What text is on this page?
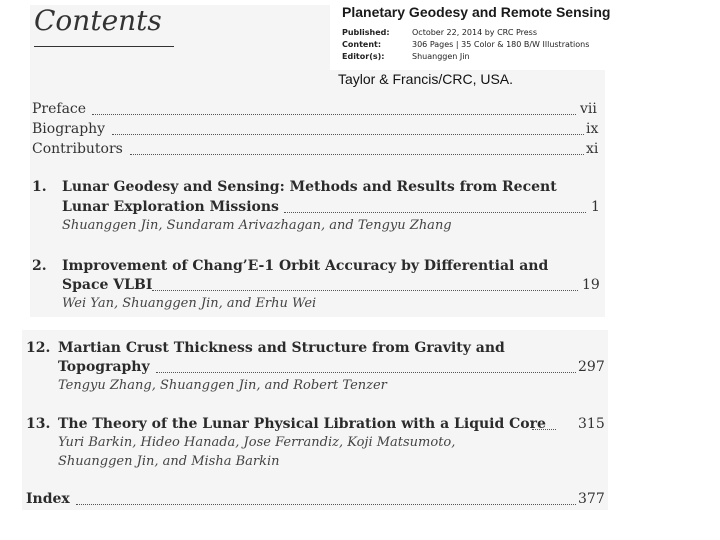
Contents	Planetary Geodesy and Remote Sensing
Published:	October 22, 2014 by CRC Press
Content:	306 Pages | 35 Color & 180 B/W Illustrations
Editor(s):	Shuanggen Jin
Taylor & Francis/CRC, USA.
Preface	vii
Biography	ix
Contributors	xi
1. Lunar Geodesy and Sensing: Methods and Results from Recent
Lunar Exploration Missions	1
Shuanggen Jin, Sundaram Arivazhagan, and Tengyu Zhang
2. Improvement of Chang’E-1 Orbit Accuracy by Differential and
Space VLBI	19
Wei Yan, Shuanggen Jin, and Erhu Wei
12. Martian Crust Thickness and Structure from Gravity and
Topography	297
Tengyu Zhang, Shuanggen Jin, and Robert Tenzer
13. The Theory of the Lunar Physical Libration with a Liquid Core 315
Yuri Barkin, Hideo Hanada, Jose Ferrandiz, Koji Matsumoto,
Shuanggen Jin, and Misha Barkin
Index	377
